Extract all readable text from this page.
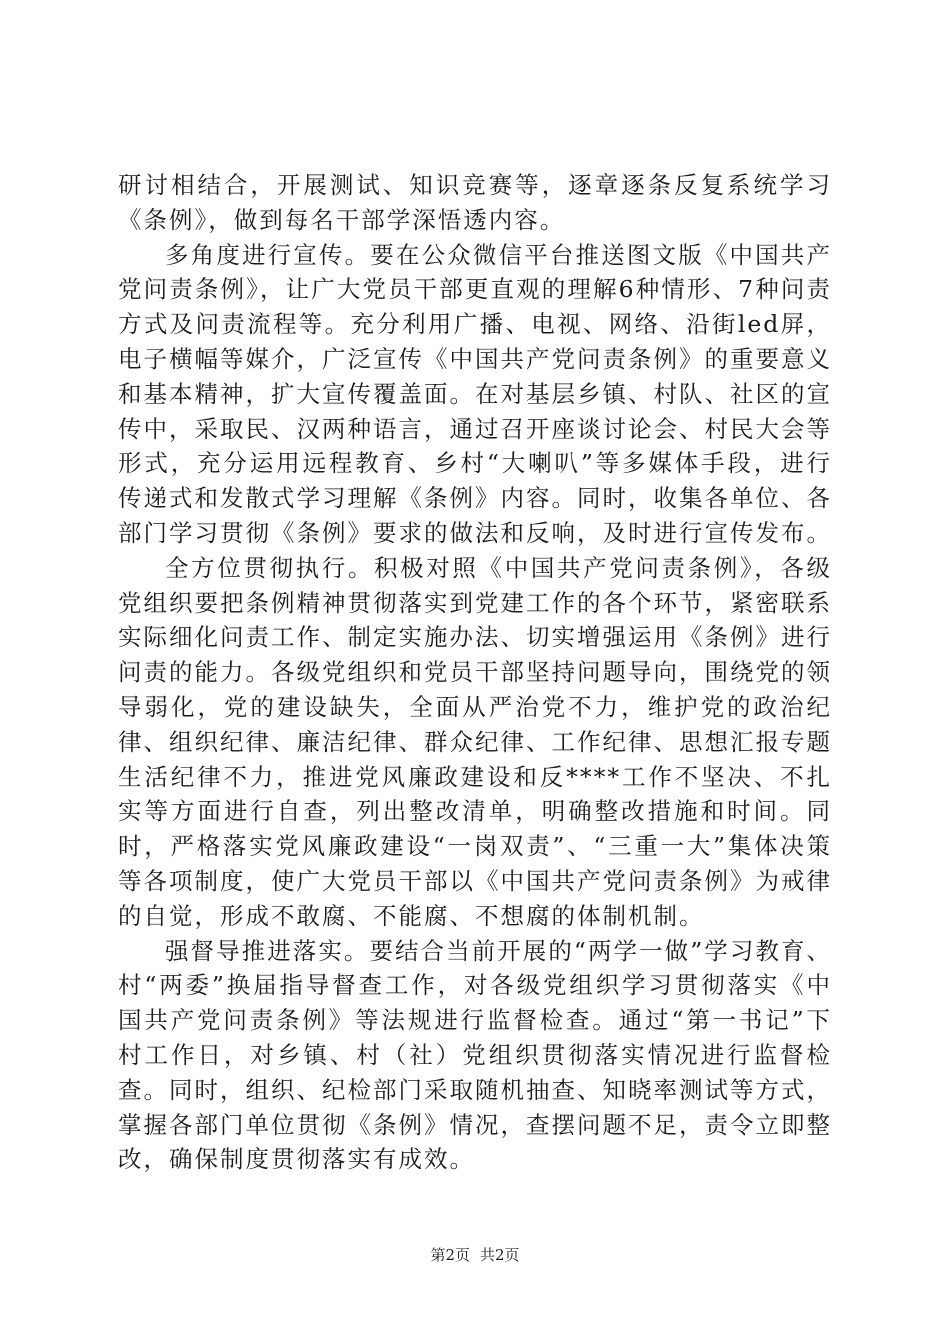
研讨相结合，开展测试、知识竞赛等，逐章逐条反复系统学习《条例》，做到每名干部学深悟透内容。

多角度进行宣传。要在公众微信平台推送图文版《中国共产党问责条例》，让广大党员干部更直观的理解6种情形、7种问责方式及问责流程等。充分利用广播、电视、网络、沿街led屏，电子横幅等媒介，广泛宣传《中国共产党问责条例》的重要意义和基本精神，扩大宣传覆盖面。在对基层乡镇、村队、社区的宣传中，采取民、汉两种语言，通过召开座谈讨论会、村民大会等形式，充分运用远程教育、乡村“大喇叭”等多媒体手段，进行传递式和发散式学习理解《条例》内容。同时，收集各单位、各部门学习贯彻《条例》要求的做法和反响，及时进行宣传发布。

全方位贯彻执行。积极对照《中国共产党问责条例》，各级党组织要把条例精神贯彻落实到党建工作的各个环节，紧密联系实际细化问责工作、制定实施办法、切实增强运用《条例》进行问责的能力。各级党组织和党员干部坚持问题导向，围绕党的领导弱化，党的建设缺失，全面从严治党不力，维护党的政治纪律、组织纪律、廉洁纪律、群众纪律、工作纪律、思想汇报专题生活纪律不力，推进党风廉政建设和反****工作不坚决、不扎实等方面进行自查，列出整改清单，明确整改措施和时间。同时，严格落实党风廉政建设“一岗双责”、“三重一大”集体决策等各项制度，使广大党员干部以《中国共产党问责条例》为戒律的自觉，形成不敢腐、不能腐、不想腐的体制机制。

强督导推进落实。要结合当前开展的“两学一做”学习教育、村“两委”换届指导督查工作，对各级党组织学习贯彻落实《中国共产党问责条例》等法规进行监督检查。通过“第一书记”下村工作日，对乡镇、村（社）党组织贯彻落实情况进行监督检查。同时，组织、纪检部门采取随机抽查、知晓率测试等方式，掌握各部门单位贯彻《条例》情况，查摆问题不足，责令立即整改，确保制度贯彻落实有成效。

第2页 共2页
